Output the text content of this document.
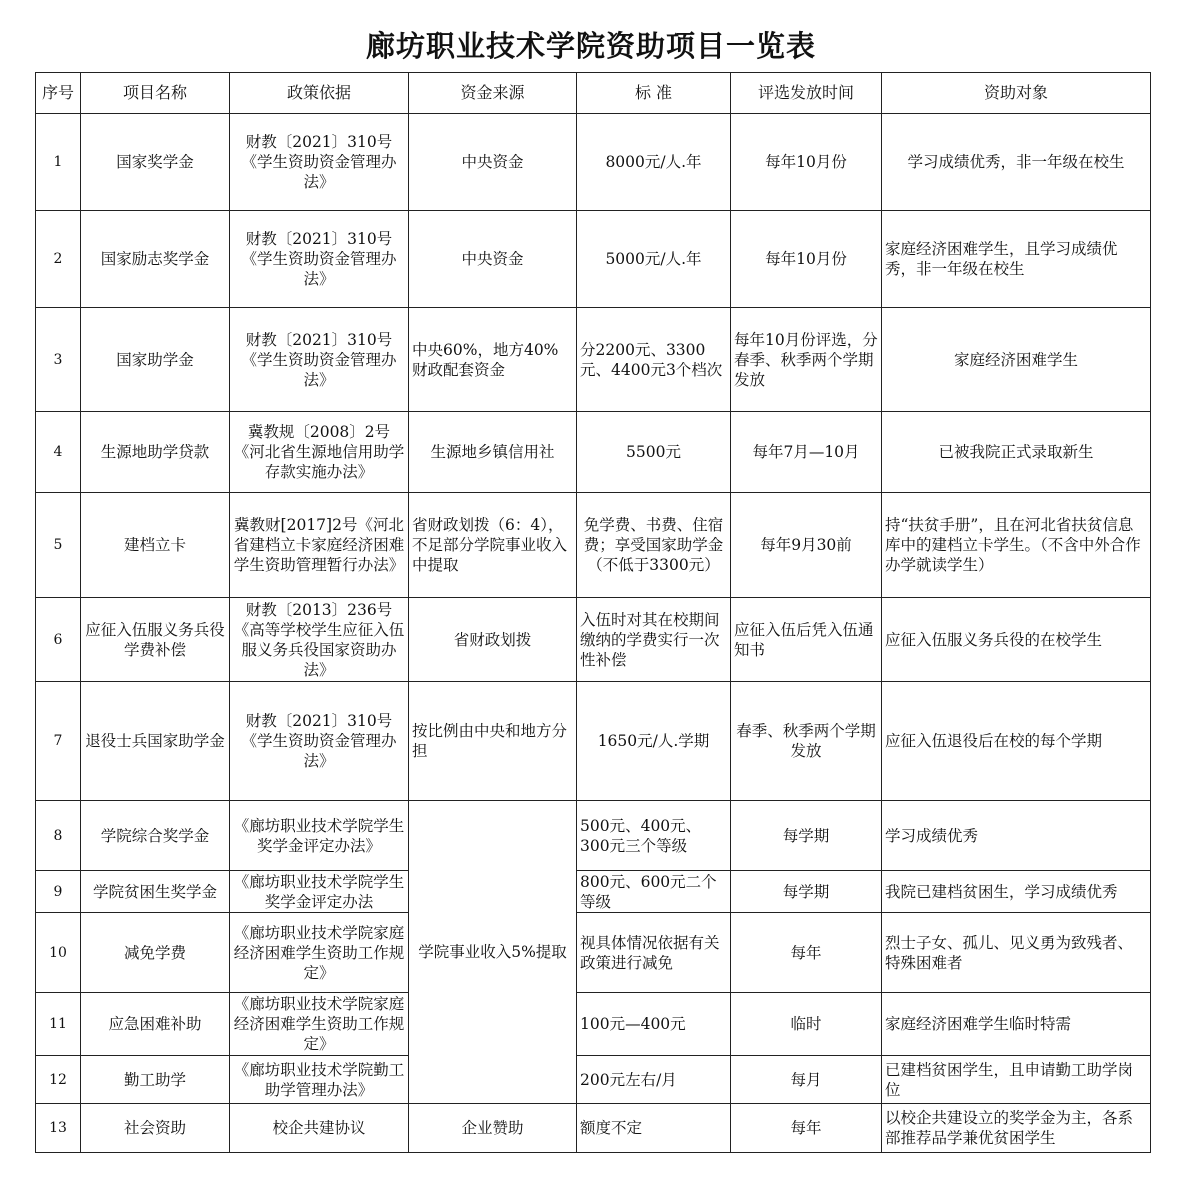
廊坊职业技术学院资助项目一览表
序号	项目名称	政策依据	资金来源	标 准	评选发放时间	资助对象
1	国家奖学金	财教〔2021〕310号《学生资助资金管理办法》	中央资金	8000元/人.年	每年10月份	学习成绩优秀，非一年级在校生
2	国家励志奖学金	财教〔2021〕310号《学生资助资金管理办法》	中央资金	5000元/人.年	每年10月份	家庭经济困难学生，且学习成绩优秀，非一年级在校生
3	国家助学金	财教〔2021〕310号《学生资助资金管理办法》	中央60%，地方40%财政配套资金	分2200元、3300元、4400元3个档次	每年10月份评选，分春季、秋季两个学期发放	家庭经济困难学生
4	生源地助学贷款	冀教规〔2008〕2号《河北省生源地信用助学存款实施办法》	生源地乡镇信用社	5500元	每年7月—10月	已被我院正式录取新生
5	建档立卡	冀教财[2017]2号《河北省建档立卡家庭经济困难学生资助管理暂行办法》	省财政划拨（6：4），不足部分学院事业收入中提取	免学费、书费、住宿费；享受国家助学金（不低于3300元）	每年9月30前	持“扶贫手册”，且在河北省扶贫信息库中的建档立卡学生。（不含中外合作办学就读学生）
6	应征入伍服义务兵役学费补偿	财教〔2013〕236号《高等学校学生应征入伍服义务兵役国家资助办法》	省财政划拨	入伍时对其在校期间缴纳的学费实行一次性补偿	应征入伍后凭入伍通知书	应征入伍服义务兵役的在校学生
7	退役士兵国家助学金	财教〔2021〕310号《学生资助资金管理办法》	按比例由中央和地方分担	1650元/人.学期	春季、秋季两个学期发放	应征入伍退役后在校的每个学期
8	学院综合奖学金	《廊坊职业技术学院学生奖学金评定办法》	学院事业收入5%提取	500元、400元、300元三个等级	每学期	学习成绩优秀
9	学院贫困生奖学金	《廊坊职业技术学院学生奖学金评定办法		800元、600元二个等级	每学期	我院已建档贫困生，学习成绩优秀
10	减免学费	《廊坊职业技术学院家庭经济困难学生资助工作规定》		视具体情况依据有关政策进行减免	每年	烈士子女、孤儿、见义勇为致残者、特殊困难者
11	应急困难补助	《廊坊职业技术学院家庭经济困难学生资助工作规定》		100元—400元	临时	家庭经济困难学生临时特需
12	勤工助学	《廊坊职业技术学院勤工助学管理办法》		200元左右/月	每月	已建档贫困学生，且申请勤工助学岗位
13	社会资助	校企共建协议	企业赞助	额度不定	每年	以校企共建设立的奖学金为主，各系部推荐品学兼优贫困学生
